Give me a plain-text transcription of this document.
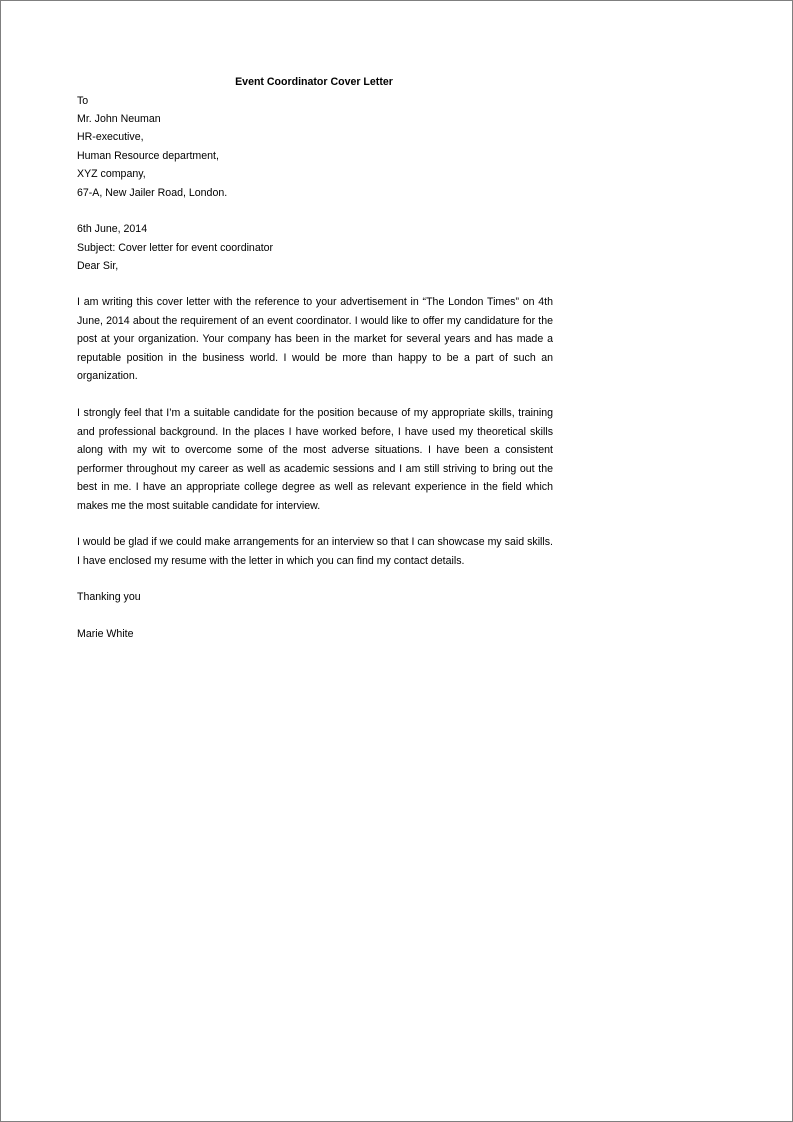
Event Coordinator Cover Letter
To
Mr. John Neuman
HR-executive,
Human Resource department,
XYZ company,
67-A, New Jailer Road, London.
6th June, 2014
Subject: Cover letter for event coordinator
Dear Sir,
I am writing this cover letter with the reference to your advertisement in “The London Times” on 4th June, 2014 about the requirement of an event coordinator. I would like to offer my candidature for the post at your organization. Your company has been in the market for several years and has made a reputable position in the business world. I would be more than happy to be a part of such an organization.
I strongly feel that I’m a suitable candidate for the position because of my appropriate skills, training and professional background. In the places I have worked before, I have used my theoretical skills along with my wit to overcome some of the most adverse situations. I have been a consistent performer throughout my career as well as academic sessions and I am still striving to bring out the best in me. I have an appropriate college degree as well as relevant experience in the field which makes me the most suitable candidate for interview.
I would be glad if we could make arrangements for an interview so that I can showcase my said skills. I have enclosed my resume with the letter in which you can find my contact details.
Thanking you
Marie White
